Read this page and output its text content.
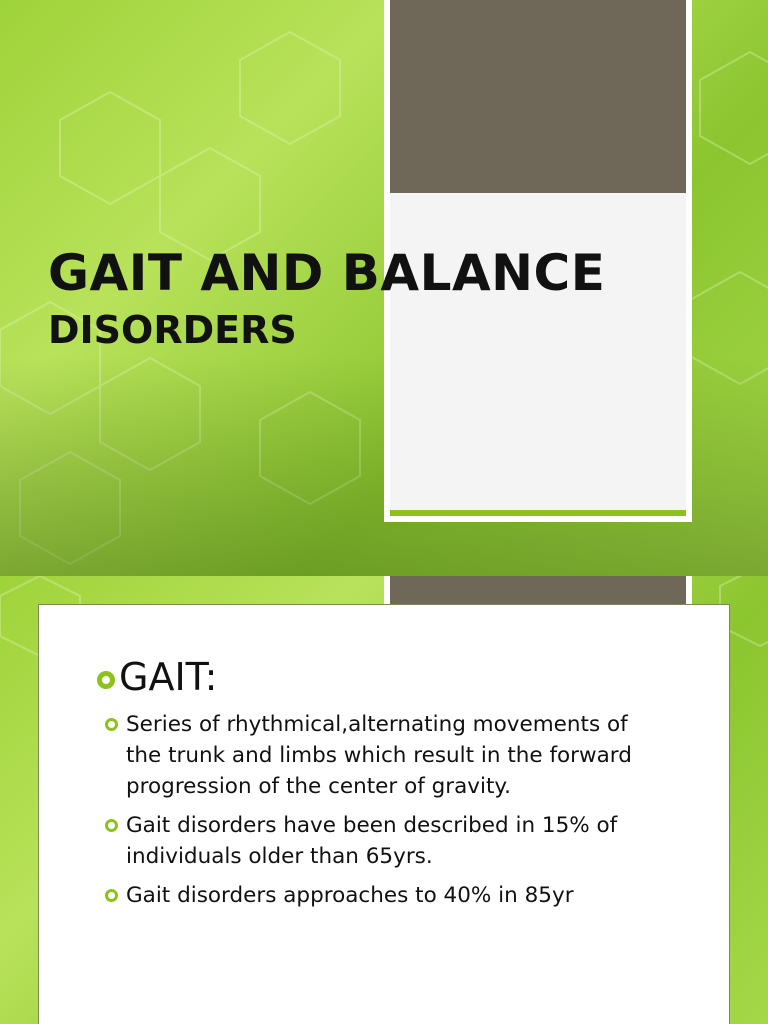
GAIT AND BALANCE
DISORDERS
GAIT:
Series of rhythmical,alternating movements of the trunk and limbs which result in the forward progression of the center of gravity.
Gait disorders have been described in 15% of individuals older than 65yrs.
Gait disorders approaches to 40% in 85yr
